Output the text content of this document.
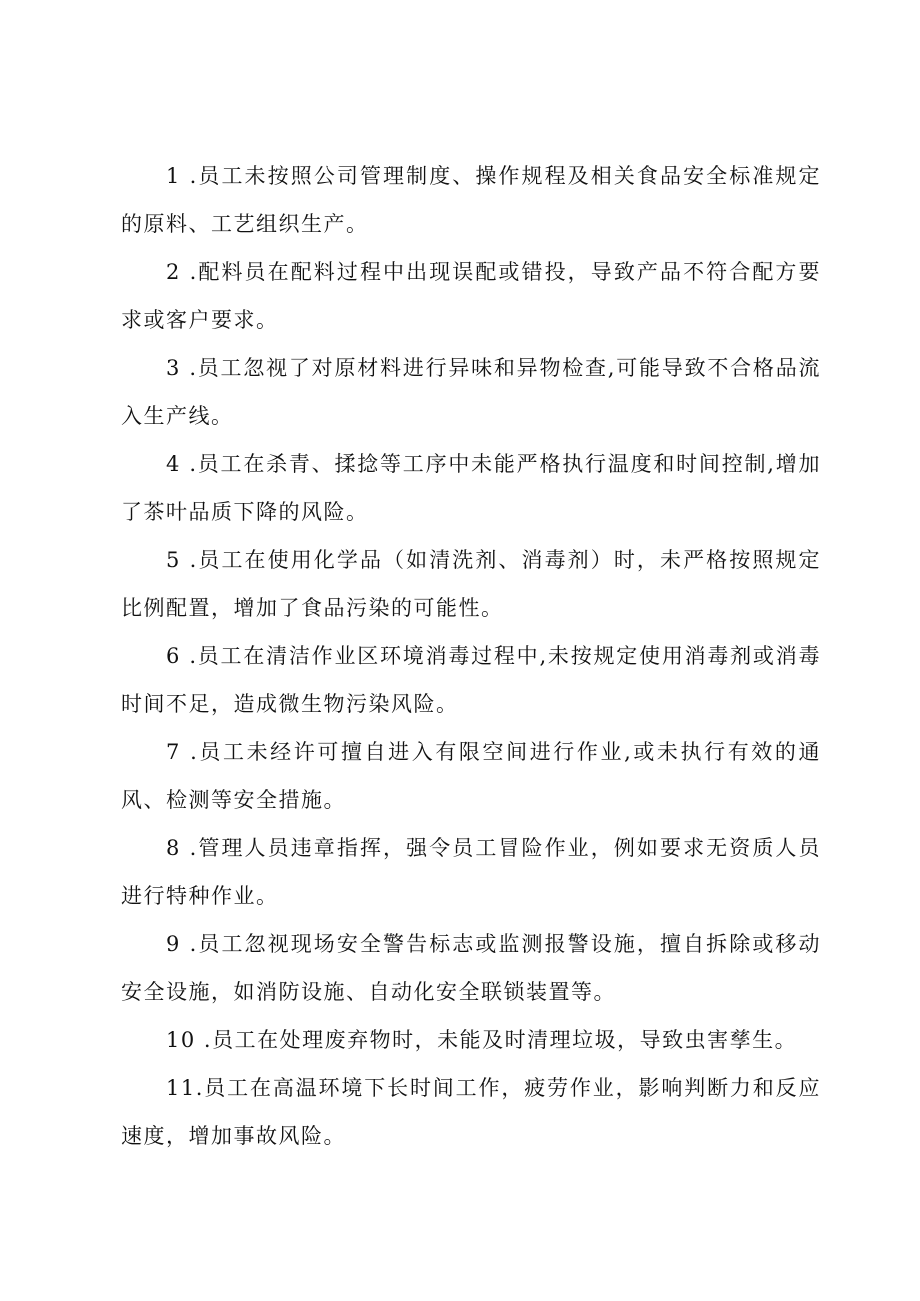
1 .员工未按照公司管理制度、操作规程及相关食品安全标准规定的原料、工艺组织生产。

2 .配料员在配料过程中出现误配或错投，导致产品不符合配方要求或客户要求。

3 .员工忽视了对原材料进行异味和异物检查,可能导致不合格品流入生产线。

4 .员工在杀青、揉捻等工序中未能严格执行温度和时间控制,增加了茶叶品质下降的风险。

5 .员工在使用化学品（如清洗剂、消毒剂）时，未严格按照规定比例配置，增加了食品污染的可能性。

6 .员工在清洁作业区环境消毒过程中,未按规定使用消毒剂或消毒时间不足，造成微生物污染风险。

7 .员工未经许可擅自进入有限空间进行作业,或未执行有效的通风、检测等安全措施。

8 .管理人员违章指挥，强令员工冒险作业，例如要求无资质人员进行特种作业。

9 .员工忽视现场安全警告标志或监测报警设施，擅自拆除或移动安全设施，如消防设施、自动化安全联锁装置等。

10 .员工在处理废弃物时，未能及时清理垃圾，导致虫害孳生。

11.员工在高温环境下长时间工作，疲劳作业，影响判断力和反应速度，增加事故风险。
